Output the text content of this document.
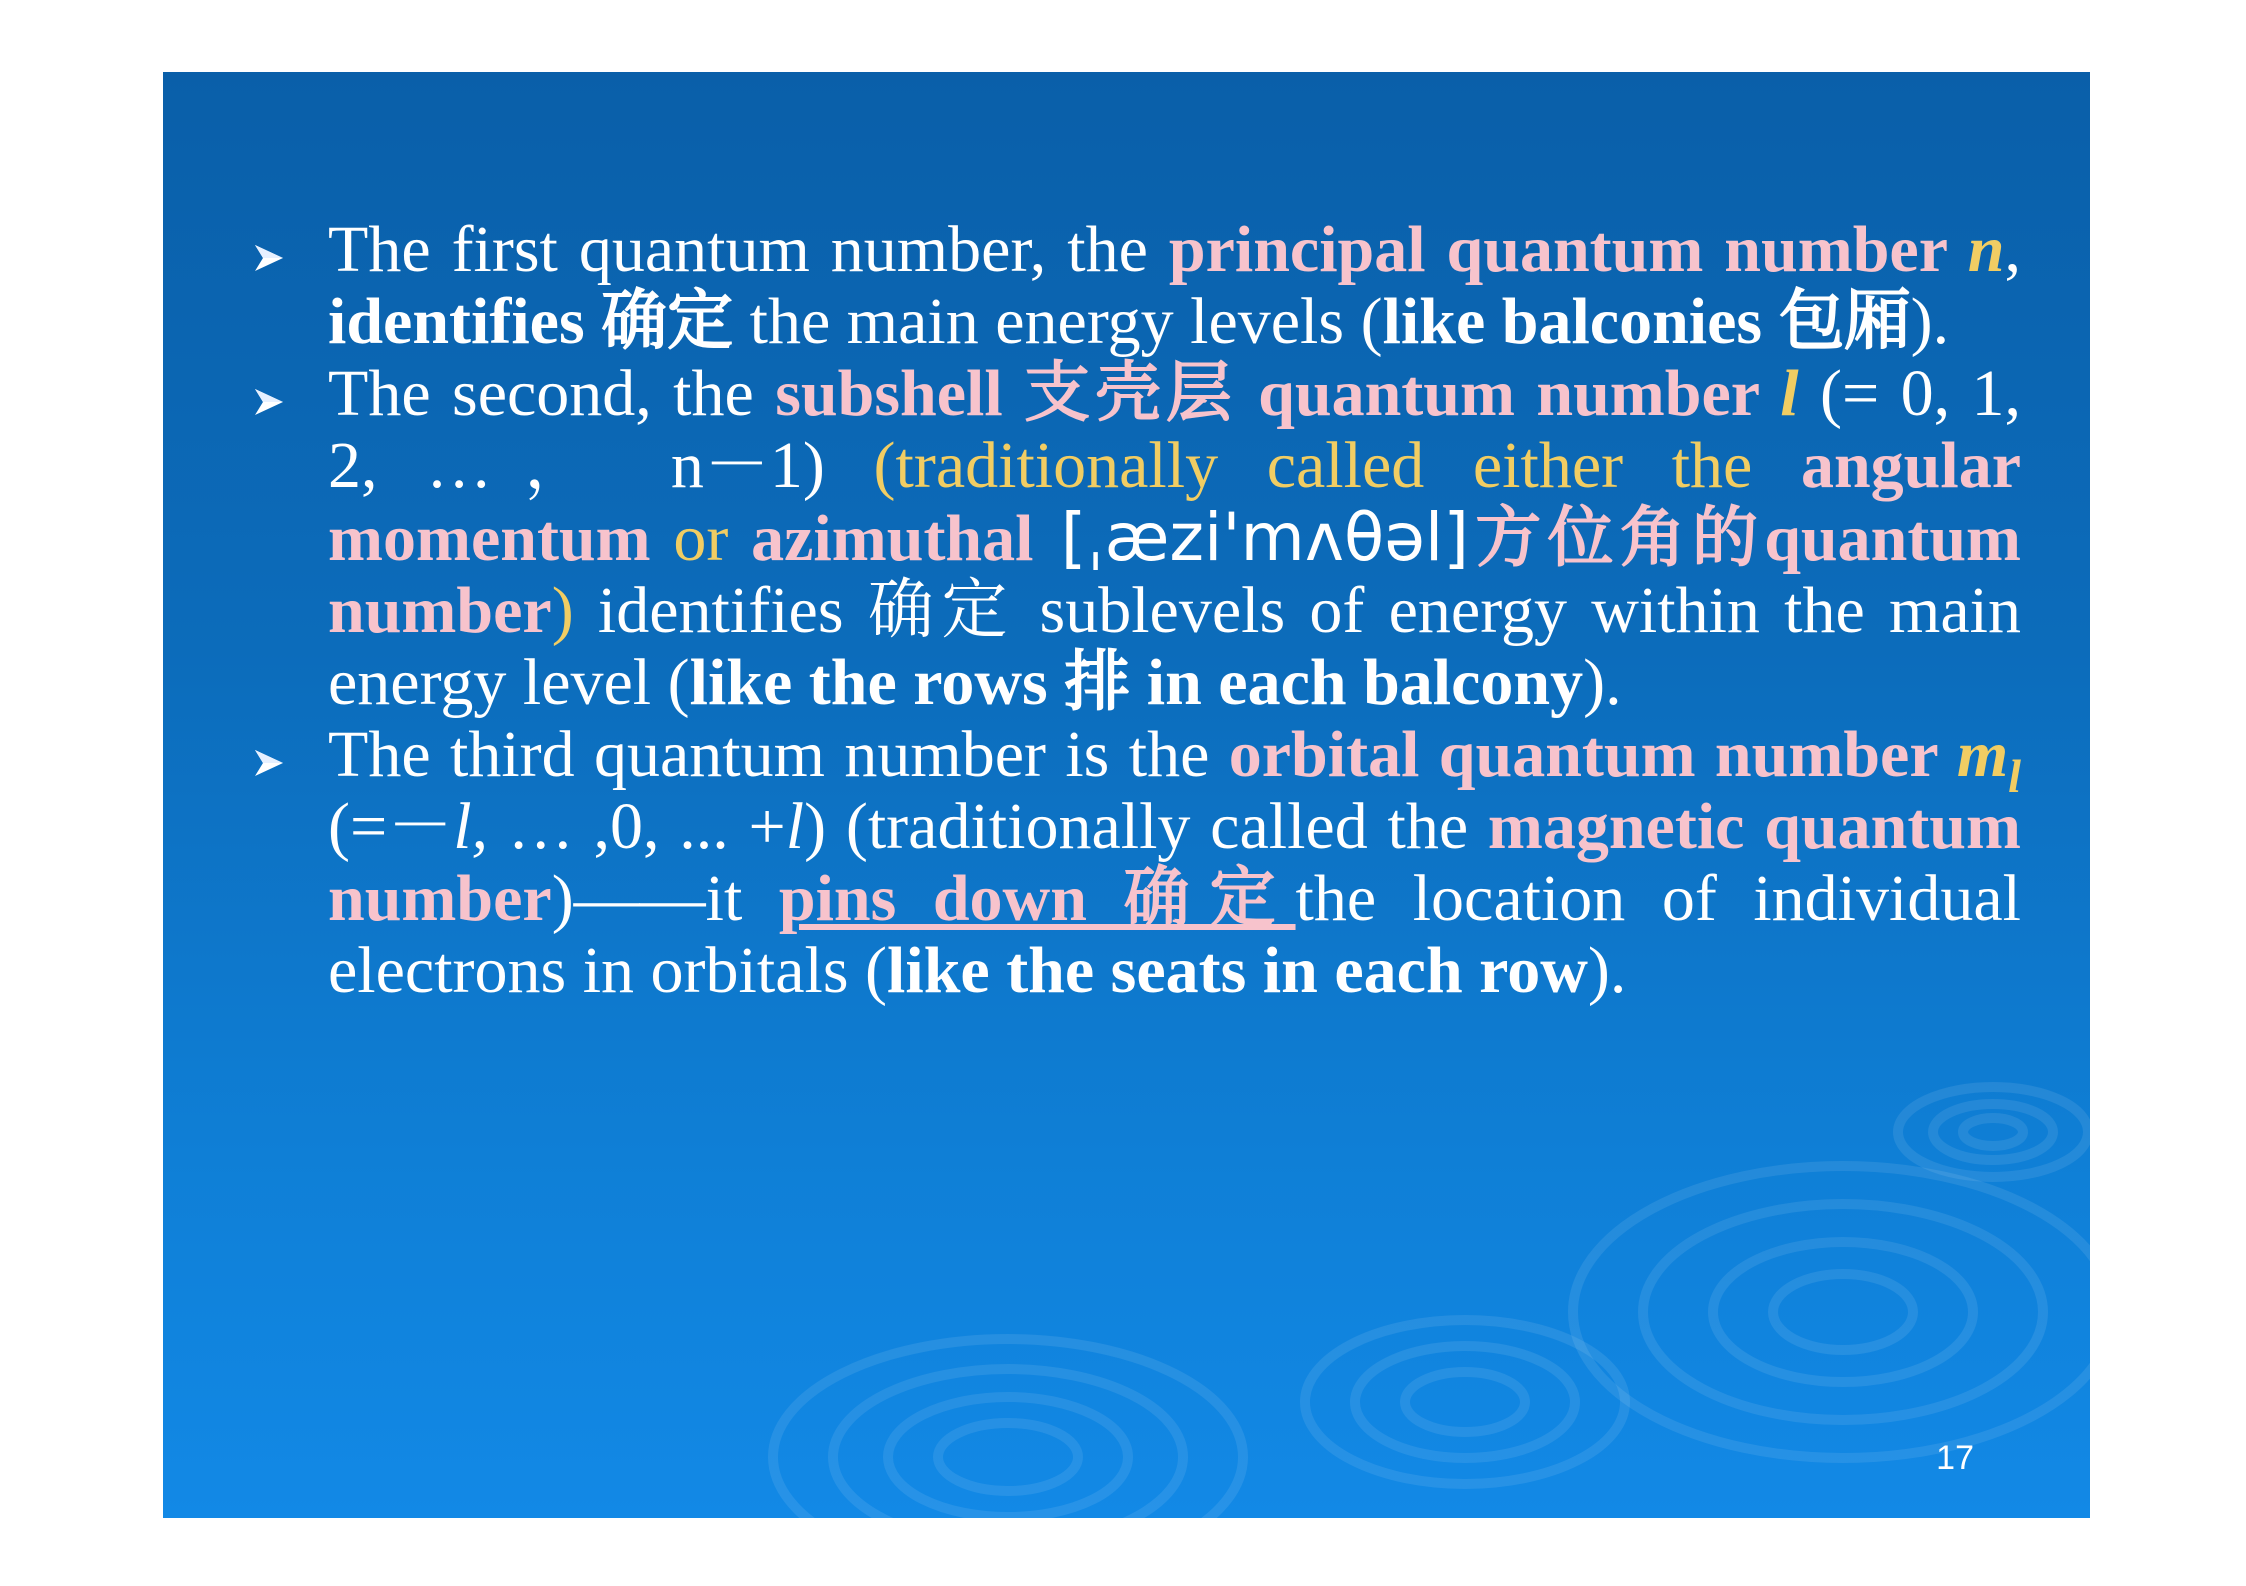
The first quantum number, the principal quantum number n, identifies 确定 the main energy levels (like balconies 包厢).
The second, the subshell 支壳层 quantum number l (= 0, 1, 2, …， n－1) (traditionally called either the angular momentum or azimuthal [ˌæzi'mʌθəl]方位角的quantum number) identifies 确定 sublevels of energy within the main energy level (like the rows 排 in each balcony).
The third quantum number is the orbital quantum number $m_l$ (=－l, … ,0, ... +l) (traditionally called the magnetic quantum number)——it pins down 确定the location of individual electrons in orbitals (like the seats in each row).
17
